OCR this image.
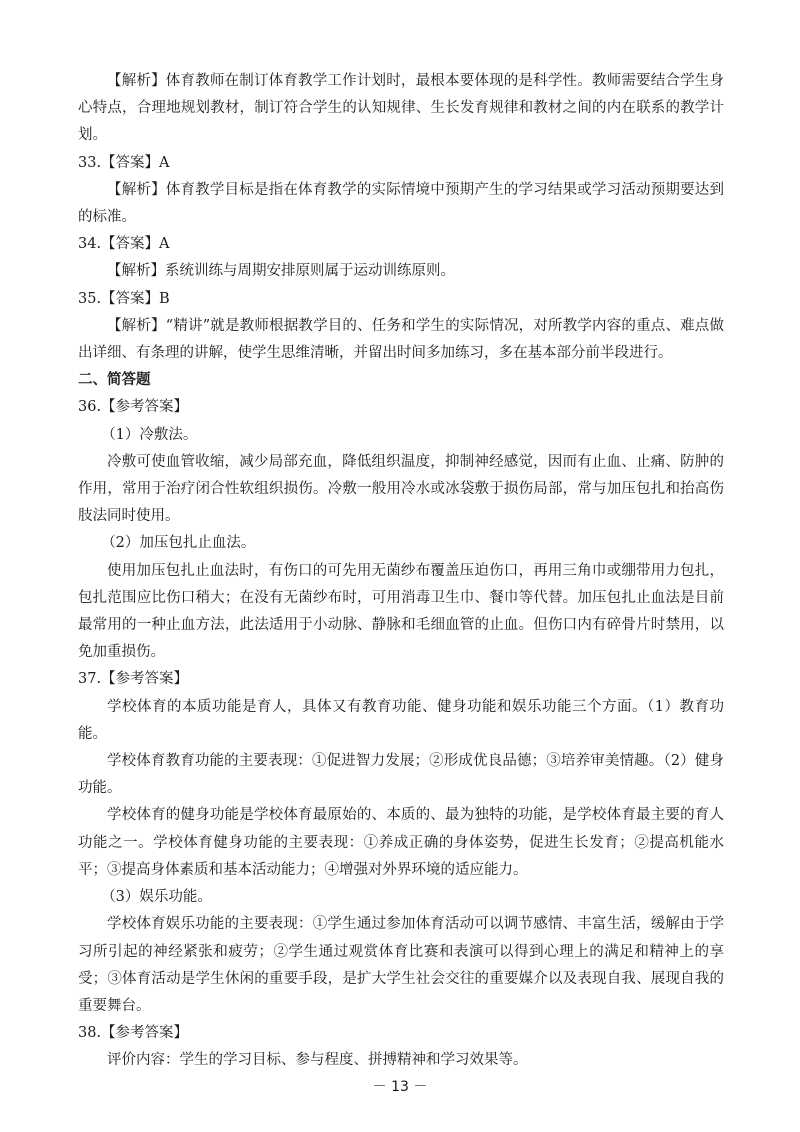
【解析】体育教师在制订体育教学工作计划时，最根本要体现的是科学性。教师需要结合学生身心特点，合理地规划教材，制订符合学生的认知规律、生长发育规律和教材之间的内在联系的教学计划。

33.【答案】A

【解析】体育教学目标是指在体育教学的实际情境中预期产生的学习结果或学习活动预期要达到的标准。

34.【答案】A

【解析】系统训练与周期安排原则属于运动训练原则。

35.【答案】B

【解析】“精讲”就是教师根据教学目的、任务和学生的实际情况，对所教学内容的重点、难点做出详细、有条理的讲解，使学生思维清晰，并留出时间多加练习，多在基本部分前半段进行。

二、简答题

36.【参考答案】

（1）冷敷法。

冷敷可使血管收缩，减少局部充血，降低组织温度，抑制神经感觉，因而有止血、止痛、防肿的作用，常用于治疗闭合性软组织损伤。冷敷一般用冷水或冰袋敷于损伤局部，常与加压包扎和抬高伤肢法同时使用。

（2）加压包扎止血法。

使用加压包扎止血法时，有伤口的可先用无菌纱布覆盖压迫伤口，再用三角巾或绷带用力包扎，包扎范围应比伤口稍大；在没有无菌纱布时，可用消毒卫生巾、餐巾等代替。加压包扎止血法是目前最常用的一种止血方法，此法适用于小动脉、静脉和毛细血管的止血。但伤口内有碎骨片时禁用，以免加重损伤。

37.【参考答案】

学校体育的本质功能是育人，具体又有教育功能、健身功能和娱乐功能三个方面。（1）教育功能。

学校体育教育功能的主要表现：①促进智力发展；②形成优良品德；③培养审美情趣。（2）健身功能。

学校体育的健身功能是学校体育最原始的、本质的、最为独特的功能，是学校体育最主要的育人功能之一。学校体育健身功能的主要表现：①养成正确的身体姿势，促进生长发育；②提高机能水平；③提高身体素质和基本活动能力；④增强对外界环境的适应能力。

（3）娱乐功能。

学校体育娱乐功能的主要表现：①学生通过参加体育活动可以调节感情、丰富生活，缓解由于学习所引起的神经紧张和疲劳；②学生通过观赏体育比赛和表演可以得到心理上的满足和精神上的享受；③体育活动是学生休闲的重要手段，是扩大学生社会交往的重要媒介以及表现自我、展现自我的重要舞台。

38.【参考答案】

评价内容：学生的学习目标、参与程度、拼搏精神和学习效果等。

－ 13 －
